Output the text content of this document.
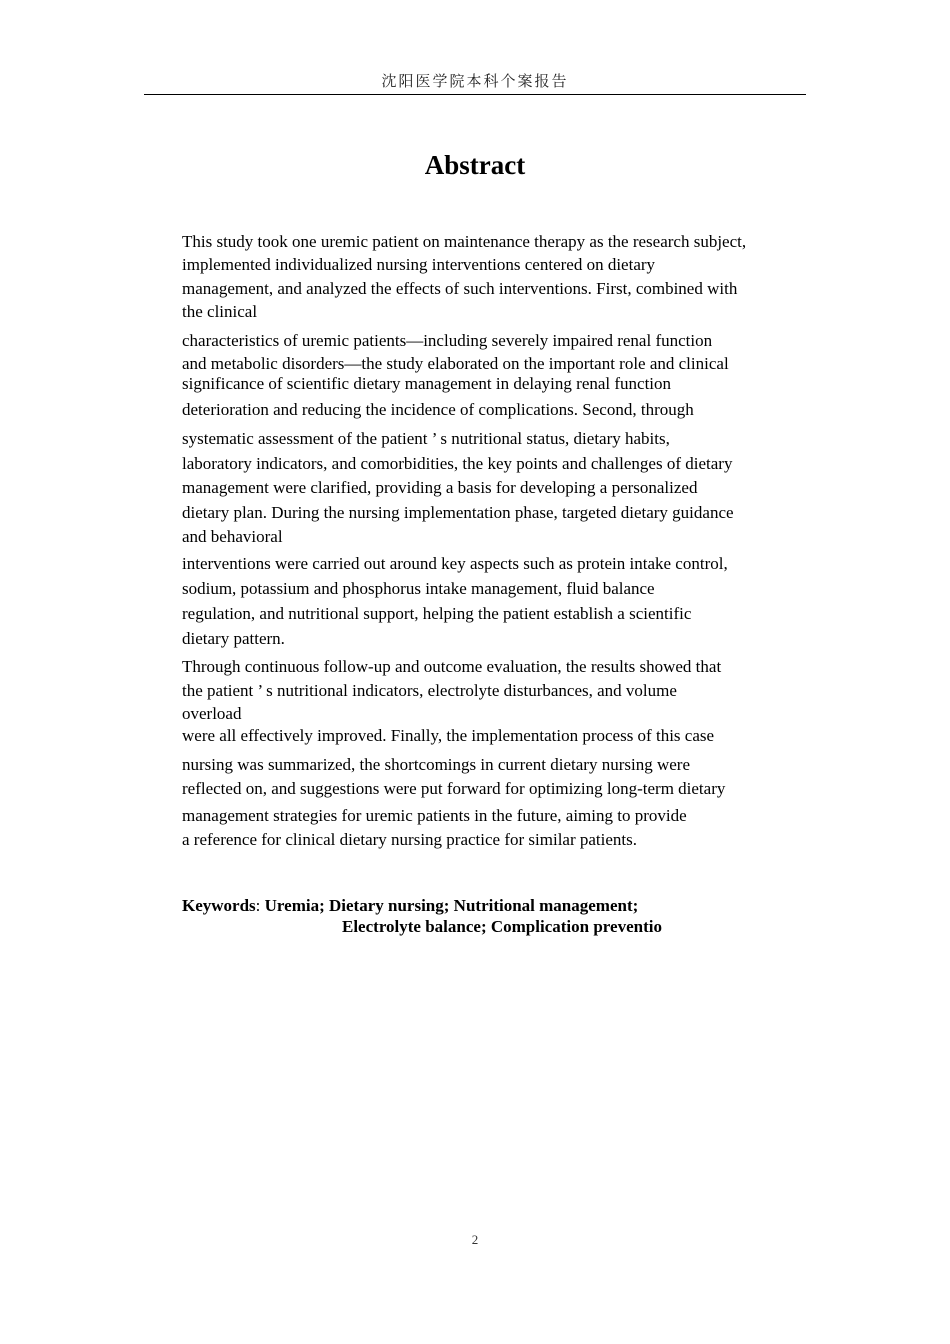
沈阳医学院本科个案报告
Abstract
This study took one uremic patient on maintenance therapy as the research subject,
implemented individualized nursing interventions centered on dietary
management, and analyzed the effects of such interventions. First, combined with
the clinical
characteristics of uremic patients—including severely impaired renal function
and metabolic disorders—the study elaborated on the important role and clinical
significance of scientific dietary management in delaying renal function
deterioration and reducing the incidence of complications. Second, through
systematic assessment of the patient ’ s nutritional status, dietary habits,
laboratory indicators, and comorbidities, the key points and challenges of dietary
management were clarified, providing a basis for developing a personalized
dietary plan. During the nursing implementation phase, targeted dietary guidance
and behavioral
interventions were carried out around key aspects such as protein intake control,
sodium, potassium and phosphorus intake management, fluid balance
regulation, and nutritional support, helping the patient establish a scientific
dietary pattern.
Through continuous follow-up and outcome evaluation, the results showed that
the patient ’ s nutritional indicators, electrolyte disturbances, and volume
overload
were all effectively improved. Finally, the implementation process of this case
nursing was summarized, the shortcomings in current dietary nursing were
reflected on, and suggestions were put forward for optimizing long-term dietary
management strategies for uremic patients in the future, aiming to provide
a reference for clinical dietary nursing practice for similar patients.
Keywords: Uremia; Dietary nursing; Nutritional management;
Electrolyte balance; Complication preventio
2
